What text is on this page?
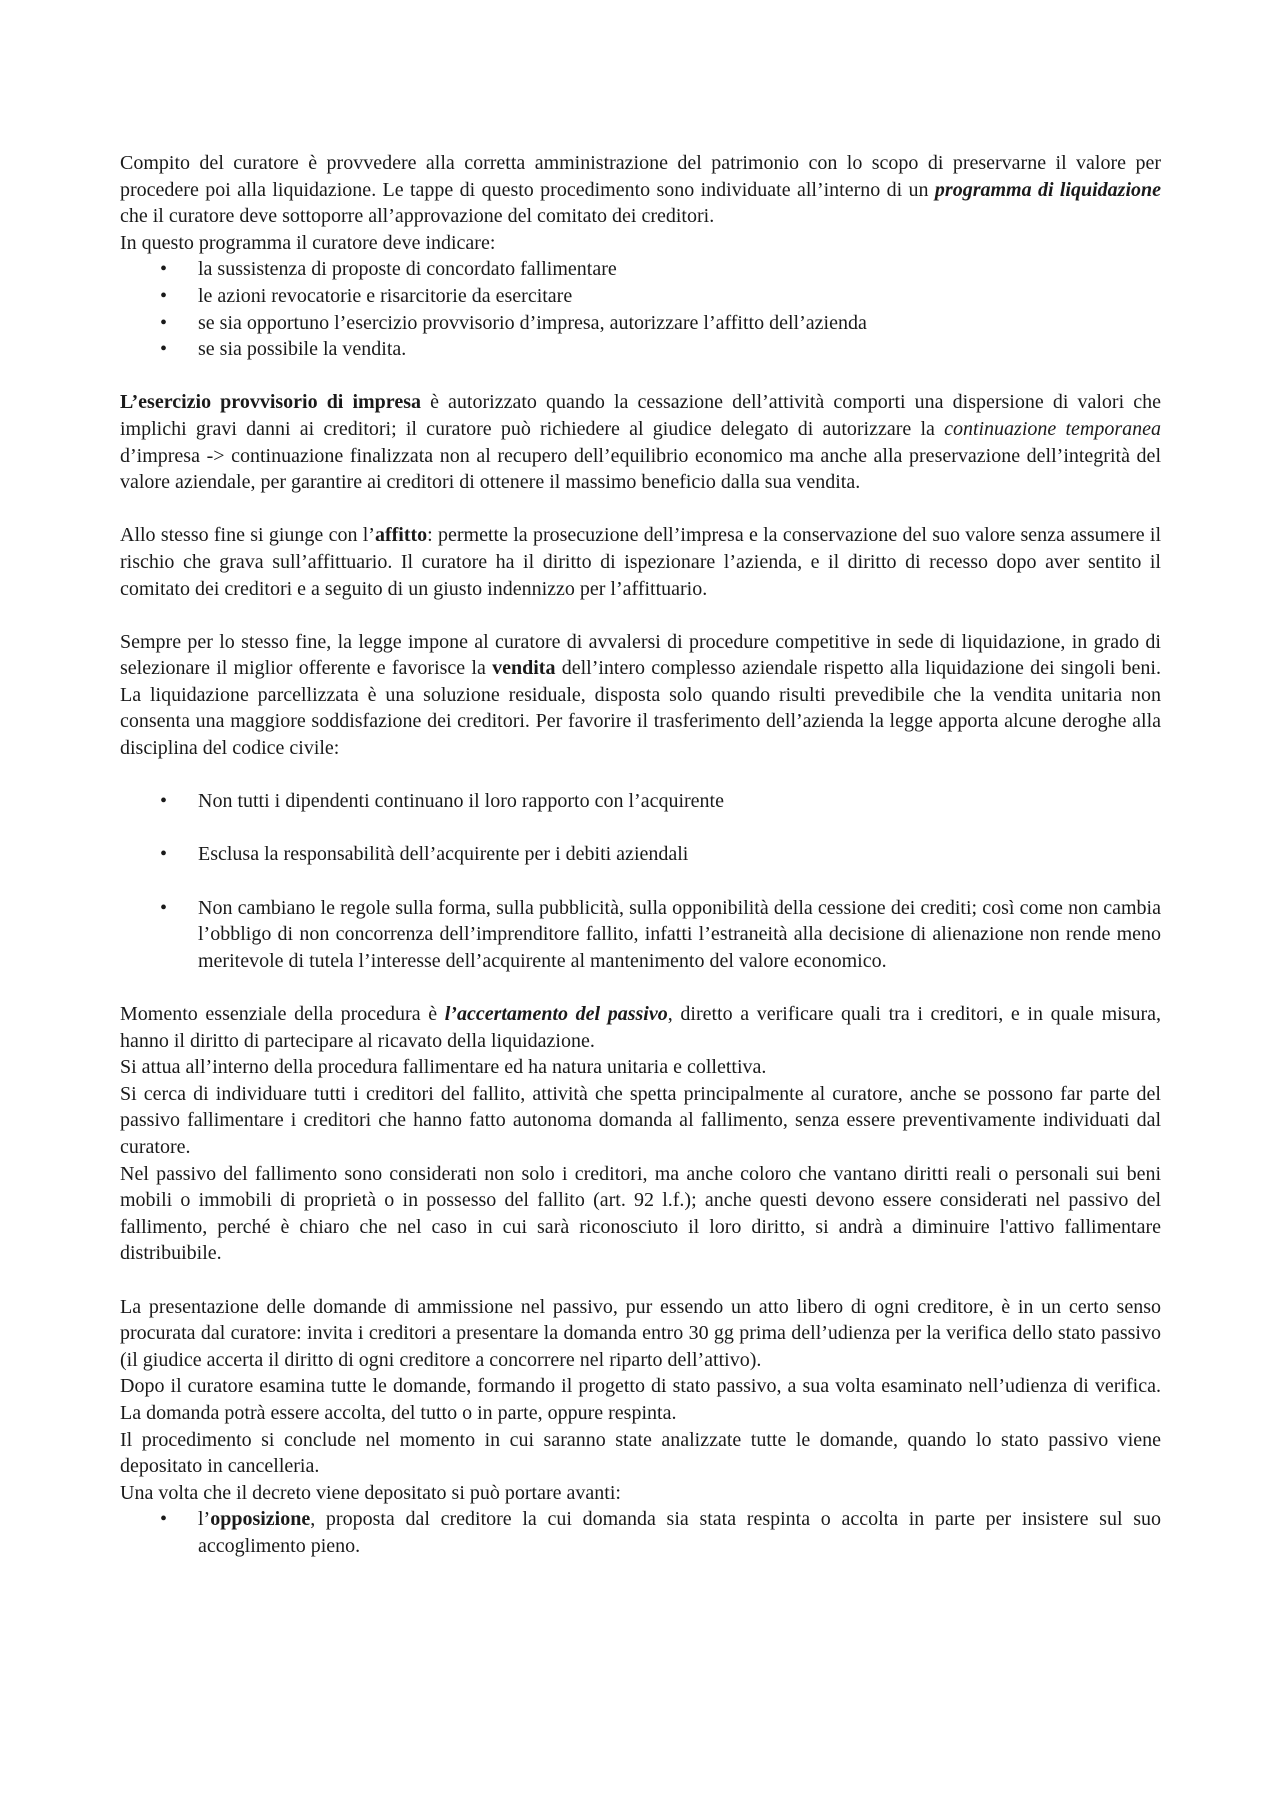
Compito del curatore è provvedere alla corretta amministrazione del patrimonio con lo scopo di preservarne il valore per procedere poi alla liquidazione. Le tappe di questo procedimento sono individuate all’interno di un programma di liquidazione che il curatore deve sottoporre all’approvazione del comitato dei creditori.

In questo programma il curatore deve indicare:

• la sussistenza di proposte di concordato fallimentare
• le azioni revocatorie e risarcitorie da esercitare
• se sia opportuno l’esercizio provvisorio d’impresa, autorizzare l’affitto dell’azienda
• se sia possibile la vendita.

L’esercizio provvisorio di impresa è autorizzato quando la cessazione dell’attività comporti una dispersione di valori che implichi gravi danni ai creditori; il curatore può richiedere al giudice delegato di autorizzare la continuazione temporanea d’impresa -> continuazione finalizzata non al recupero dell’equilibrio economico ma anche alla preservazione dell’integrità del valore aziendale, per garantire ai creditori di ottenere il massimo beneficio dalla sua vendita.

Allo stesso fine si giunge con l’affitto: permette la prosecuzione dell’impresa e la conservazione del suo valore senza assumere il rischio che grava sull’affittuario. Il curatore ha il diritto di ispezionare l’azienda, e il diritto di recesso dopo aver sentito il comitato dei creditori e a seguito di un giusto indennizzo per l’affittuario.

Sempre per lo stesso fine, la legge impone al curatore di avvalersi di procedure competitive in sede di liquidazione, in grado di selezionare il miglior offerente e favorisce la vendita dell’intero complesso aziendale rispetto alla liquidazione dei singoli beni. La liquidazione parcellizzata è una soluzione residuale, disposta solo quando risulti prevedibile che la vendita unitaria non consenta una maggiore soddisfazione dei creditori. Per favorire il trasferimento dell’azienda la legge apporta alcune deroghe alla disciplina del codice civile:

• Non tutti i dipendenti continuano il loro rapporto con l’acquirente
• Esclusa la responsabilità dell’acquirente per i debiti aziendali
• Non cambiano le regole sulla forma, sulla pubblicità, sulla opponibilità della cessione dei crediti; così come non cambia l’obbligo di non concorrenza dell’imprenditore fallito, infatti l’estraneità alla decisione di alienazione non rende meno meritevole di tutela l’interesse dell’acquirente al mantenimento del valore economico.

Momento essenziale della procedura è l’accertamento del passivo, diretto a verificare quali tra i creditori, e in quale misura, hanno il diritto di partecipare al ricavato della liquidazione.

Si attua all’interno della procedura fallimentare ed ha natura unitaria e collettiva.

Si cerca di individuare tutti i creditori del fallito, attività che spetta principalmente al curatore, anche se possono far parte del passivo fallimentare i creditori che hanno fatto autonoma domanda al fallimento, senza essere preventivamente individuati dal curatore.

Nel passivo del fallimento sono considerati non solo i creditori, ma anche coloro che vantano diritti reali o personali sui beni mobili o immobili di proprietà o in possesso del fallito (art. 92 l.f.); anche questi devono essere considerati nel passivo del fallimento, perché è chiaro che nel caso in cui sarà riconosciuto il loro diritto, si andrà a diminuire l'attivo fallimentare distribuibile.

La presentazione delle domande di ammissione nel passivo, pur essendo un atto libero di ogni creditore, è in un certo senso procurata dal curatore: invita i creditori a presentare la domanda entro 30 gg prima dell’udienza per la verifica dello stato passivo (il giudice accerta il diritto di ogni creditore a concorrere nel riparto dell’attivo).

Dopo il curatore esamina tutte le domande, formando il progetto di stato passivo, a sua volta esaminato nell’udienza di verifica. La domanda potrà essere accolta, del tutto o in parte, oppure respinta.

Il procedimento si conclude nel momento in cui saranno state analizzate tutte le domande, quando lo stato passivo viene depositato in cancelleria.

Una volta che il decreto viene depositato si può portare avanti:

• l’opposizione, proposta dal creditore la cui domanda sia stata respinta o accolta in parte per insistere sul suo accoglimento pieno.
